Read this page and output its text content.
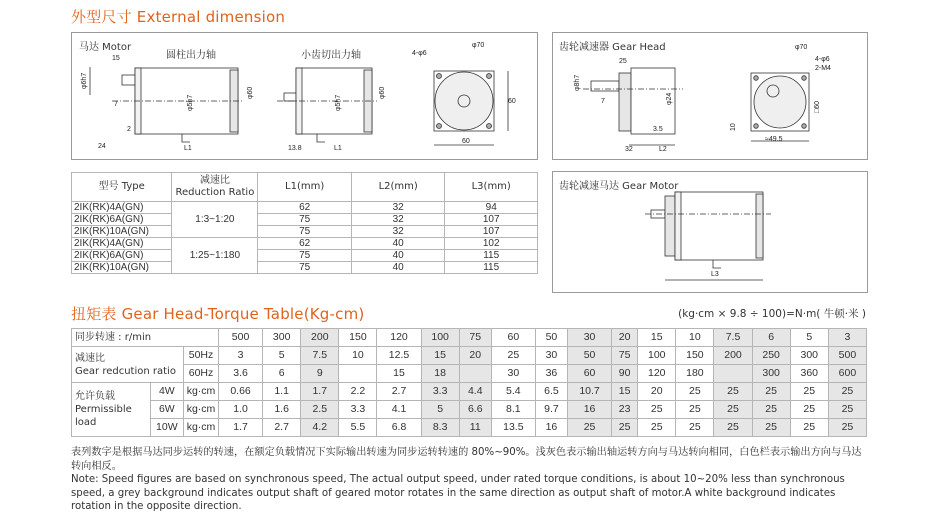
外型尺寸 External dimension
扭矩表 Gear Head-Torque Table(Kg-cm)
马达 Motor
圆柱出力轴	小齿切出力轴
15
7
2
24	L1	13.8	L1
60
60
4-φ6
φ70
φ6h7
φ5h7
φ60
φ5h7
φ60
齿轮减速器 Gear Head
25
7
3.5
32	L2
φ70
4-φ6
2-M4
≈49.5
φ8h7
φ24
10
□60
齿轮减速马达 Gear Motor
L3
型号 Type	减速比
Reduction Ratio	L1(mm)	L2(mm)	L3(mm)
2IK(RK)4A(GN)	1:3~1:20	62	32	94
2IK(RK)6A(GN)		75	32	107
2IK(RK)10A(GN)		75	32	107
2IK(RK)4A(GN)	1:25~1:180	62	40	102
2IK(RK)6A(GN)		75	40	115
2IK(RK)10A(GN)		75	40	115
(kg·cm × 9.8 ÷ 100)=N·m( 牛顿·米 )
同步转速 : r/min			500	300	200	150	120	100	75	60	50	30	20	15	10	7.5	6	5	3
减速比
Gear redcution ratio		50Hz	3	5	7.5	10	12.5	15	20	25	30	50	75	100	150	200	250	300	500
		60Hz	3.6	6	9		15	18		30	36	60	90	120	180		300	360	600
允许负载
Permissible
load	4W	kg·cm	0.66	1.1	1.7	2.2	2.7	3.3	4.4	5.4	6.5	10.7	15	20	25	25	25	25	25
	6W	kg·cm	1.0	1.6	2.5	3.3	4.1	5	6.6	8.1	9.7	16	23	25	25	25	25	25	25
	10W	kg·cm	1.7	2.7	4.2	5.5	6.8	8.3	11	13.5	16	25	25	25	25	25	25	25	25
表列数字是根据马达同步运转的转速，在额定负载情况下实际输出转速为同步运转转速的 80%~90%。浅灰色表示输出轴运转方向与马达转向相同，白色栏表示输出方向与马达转向相反。
Note: Speed figures are based on synchronous speed, The actual output speed, under rated torque conditions, is about 10~20% less than synchronous speed, a grey background indicates output shaft of geared motor rotates in the same direction as output shaft of motor.A white background indicates rotation in the opposite direction.
